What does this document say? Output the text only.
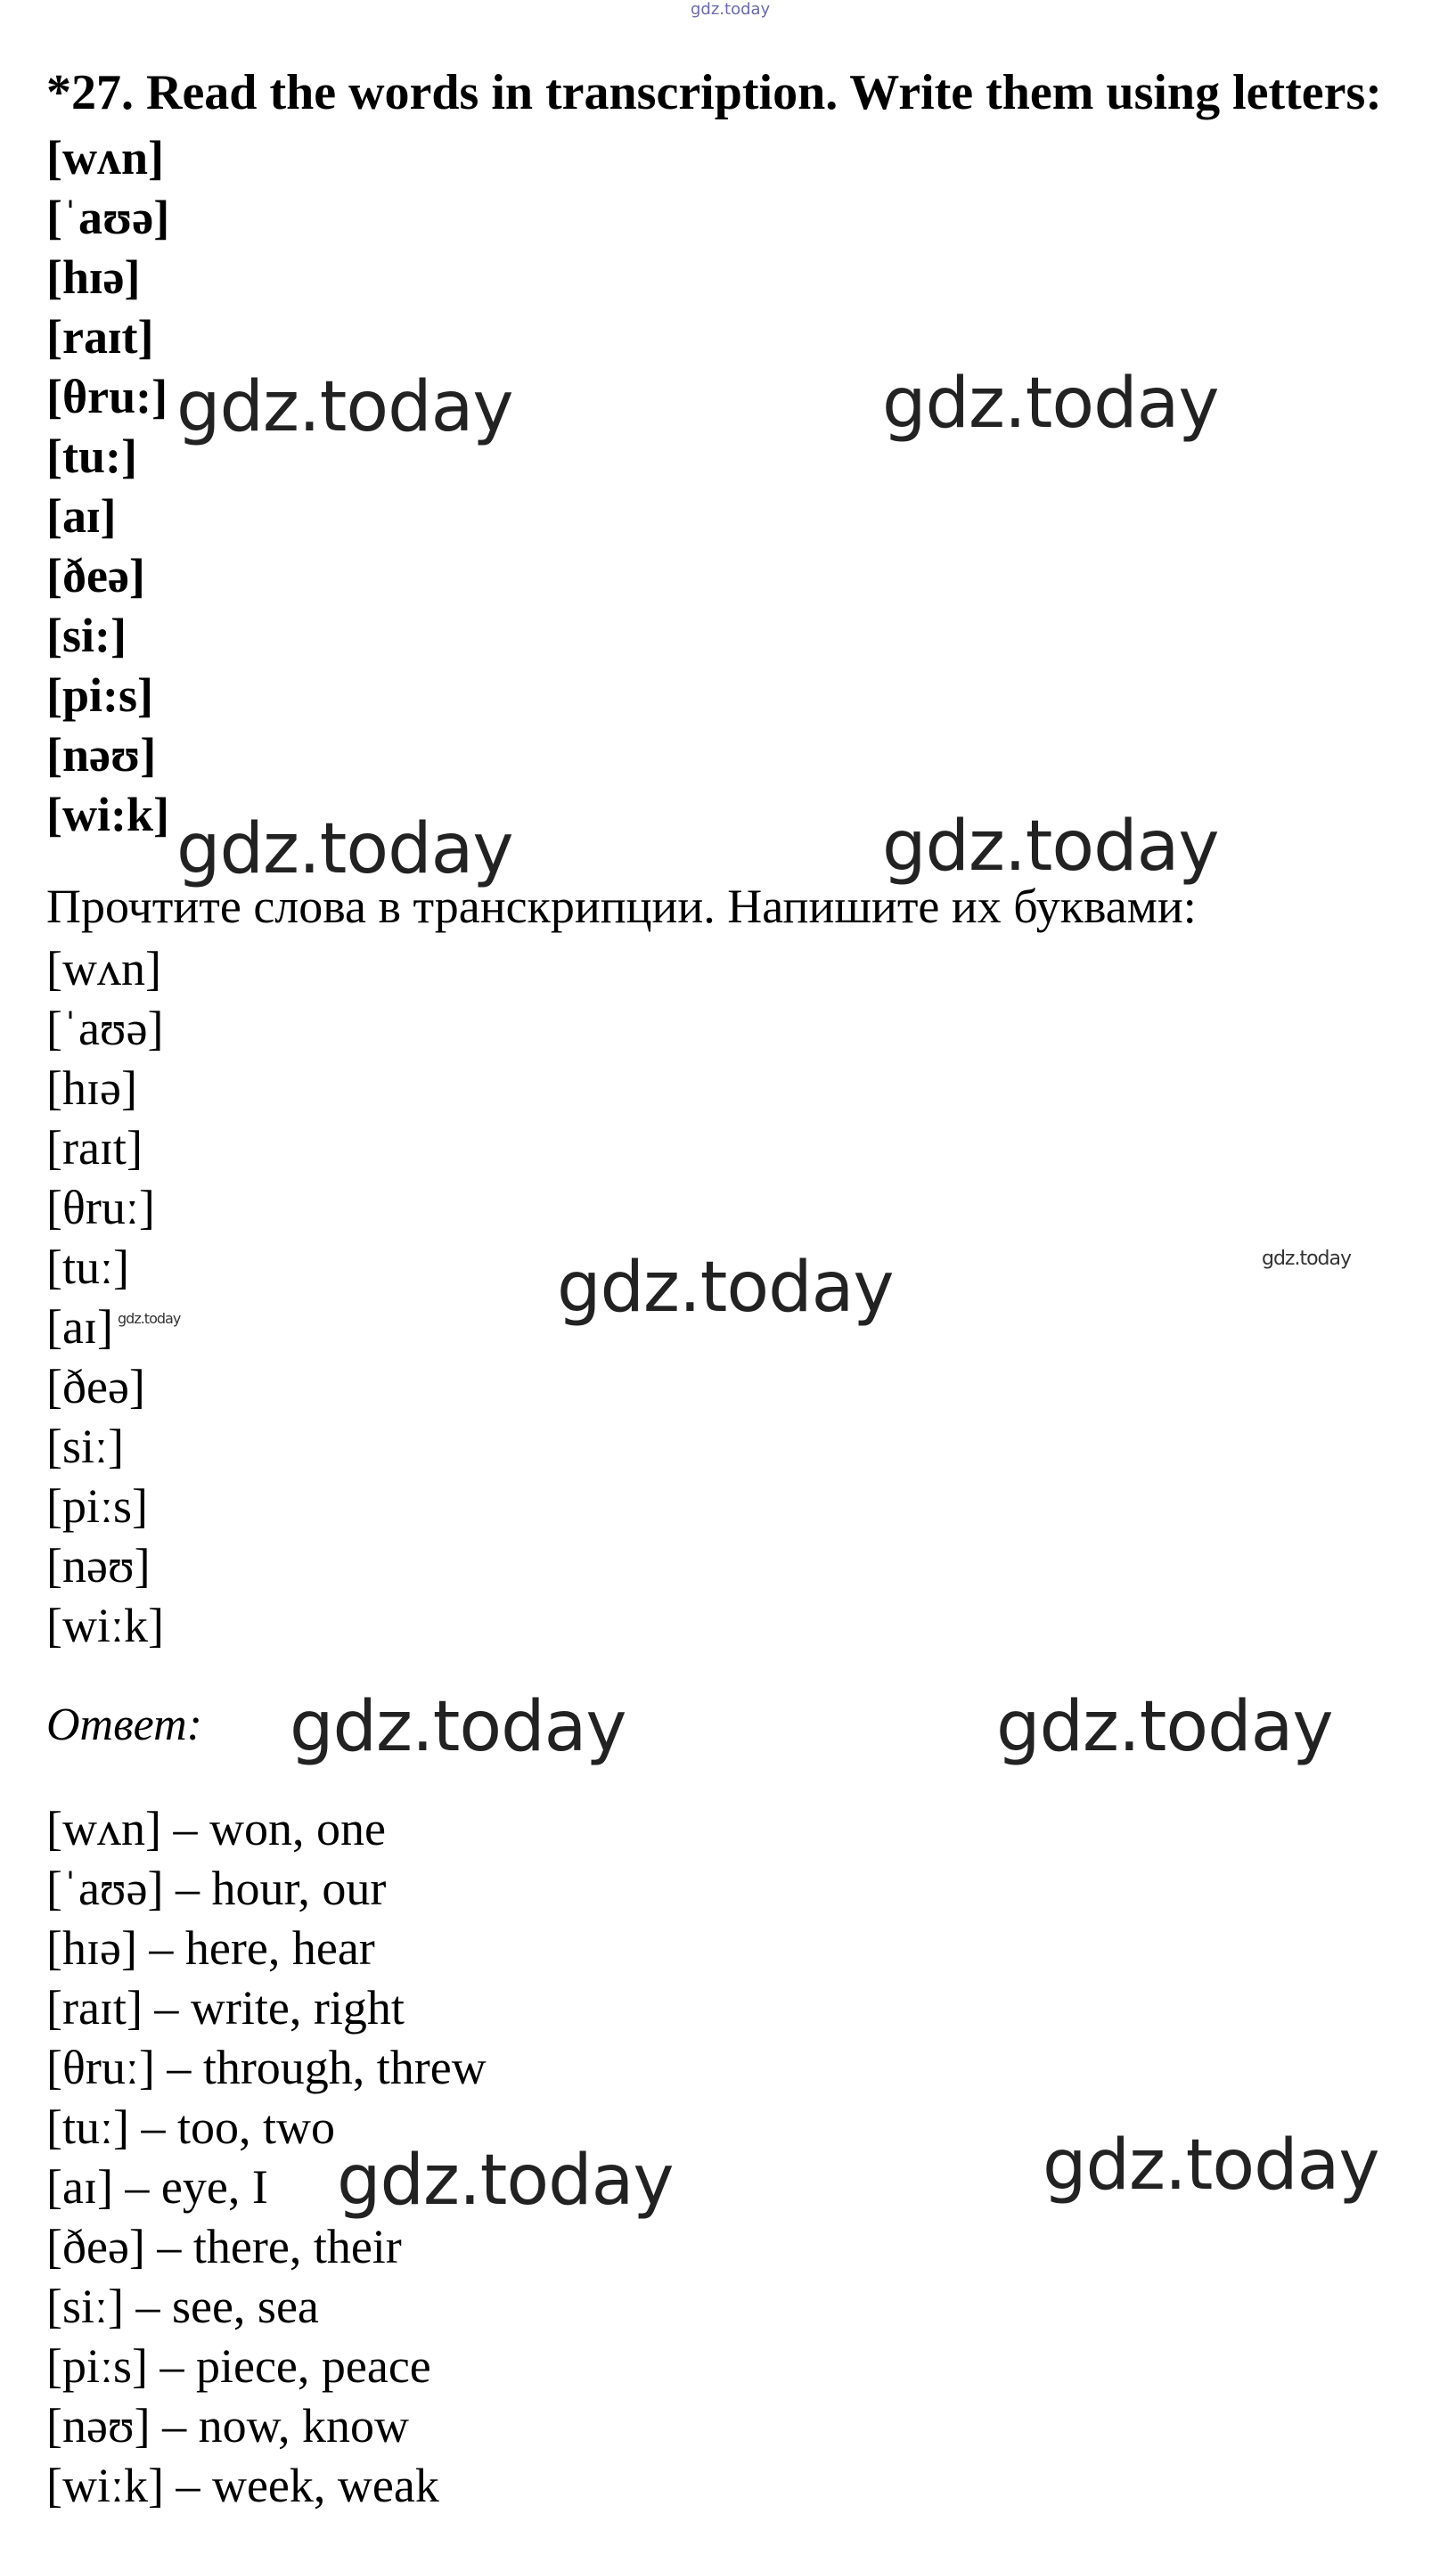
gdz.today
*27. Read the words in transcription. Write them using letters:
[wʌn]
[ˈaʊə]
[hɪə]
[raɪt]
[θru:]
[tu:]
[aɪ]
[ðeə]
[si:]
[pi:s]
[nəʊ]
[wi:k]
Прочтите слова в транскрипции. Напишите их буквами:
[wʌn]
[ˈaʊə]
[hɪə]
[raɪt]
[θruː]
[tuː]
[aɪ]
[ðeə]
[siː]
[piːs]
[nəʊ]
[wiːk]
Ответ:
[wʌn] – won, one
[ˈaʊə] – hour, our
[hɪə] – here, hear
[raɪt] – write, right
[θruː] – through, threw
[tuː] – too, two
[aɪ] – eye, I
[ðeə] – there, their
[siː] – see, sea
[piːs] – piece, peace
[nəʊ] – now, know
[wiːk] – week, weak
gdz.today	gdz.today
gdz.today	gdz.today
gdz.today	gdz.today
gdz.today
gdz.today	gdz.today
gdz.today	gdz.today
